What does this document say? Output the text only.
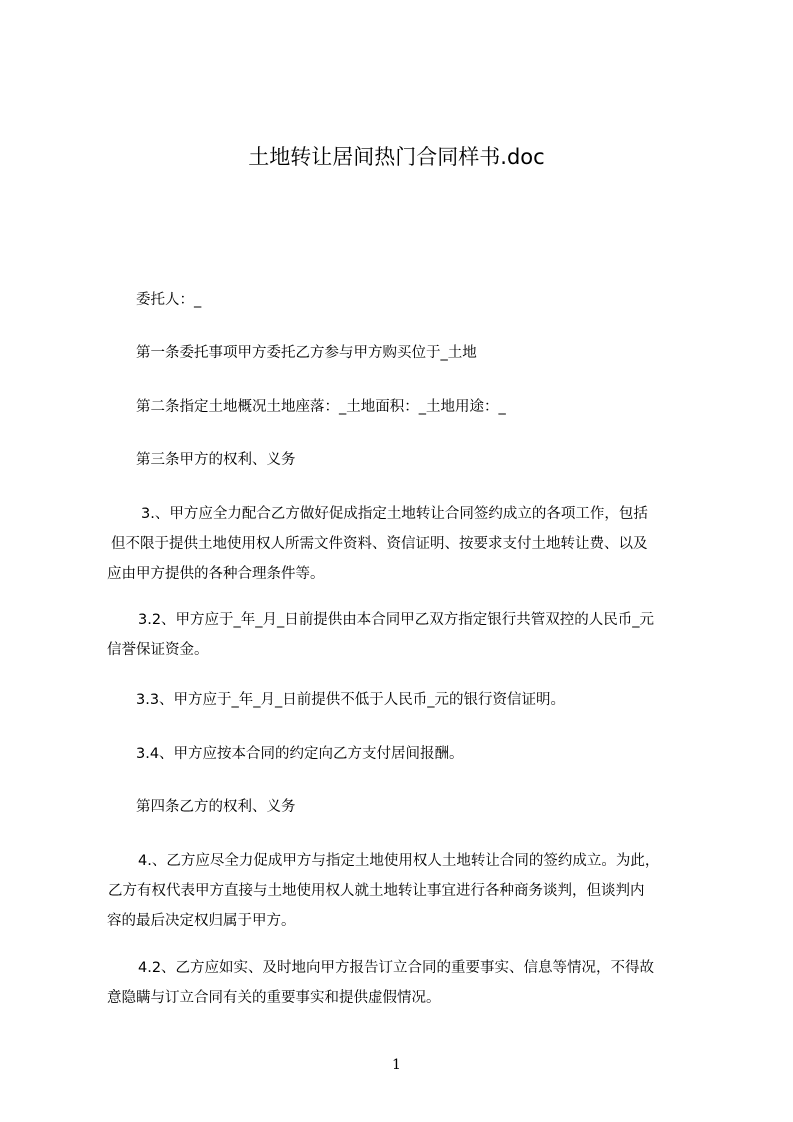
土地转让居间热门合同样书.doc
委托人：_
第一条委托事项甲方委托乙方参与甲方购买位于_土地
第二条指定土地概况土地座落：_土地面积：_土地用途：_
第三条甲方的权利、义务
3.、甲方应全力配合乙方做好促成指定土地转让合同签约成立的各项工作，包括
但不限于提供土地使用权人所需文件资料、资信证明、按要求支付土地转让费、以及
应由甲方提供的各种合理条件等。
3.2、甲方应于_年_月_日前提供由本合同甲乙双方指定银行共管双控的人民币_元
信誉保证资金。
3.3、甲方应于_年_月_日前提供不低于人民币_元的银行资信证明。
3.4、甲方应按本合同的约定向乙方支付居间报酬。
第四条乙方的权利、义务
4.、乙方应尽全力促成甲方与指定土地使用权人土地转让合同的签约成立。为此，
乙方有权代表甲方直接与土地使用权人就土地转让事宜进行各种商务谈判，但谈判内
容的最后决定权归属于甲方。
4.2、乙方应如实、及时地向甲方报告订立合同的重要事实、信息等情况，不得故
意隐瞒与订立合同有关的重要事实和提供虚假情况。
1
